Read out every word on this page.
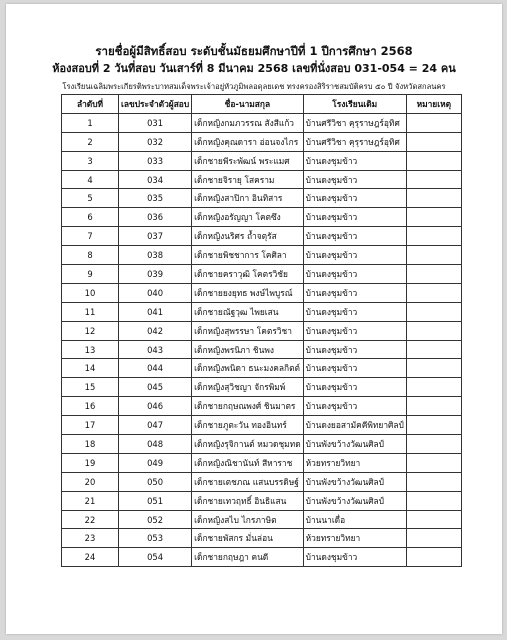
รายชื่อผู้มีสิทธิ์สอบ ระดับชั้นมัธยมศึกษาปีที่ 1 ปีการศึกษา 2568
ห้องสอบที่ 2 วันที่สอบ วันเสาร์ที่ 8 มีนาคม 2568 เลขที่นั่งสอบ 031-054 = 24 คน
โรงเรียนเฉลิมพระเกียรติพระบาทสมเด็จพระเจ้าอยู่หัวภูมิพลอดุลยเดช ทรงครองสิริราชสมบัติครบ ๕๐ ปี จังหวัดสกลนคร
ลำดับที่	เลขประจำตัวผู้สอบ	ชื่อ-นามสกุล	โรงเรียนเดิม	หมายเหตุ
1	031	เด็กหญิงกมภวรรณ สังสีแก้ว	บ้านศรีวิชา คุรุราษฎร์อุทิศ	
2	032	เด็กหญิงคุณดารา อ่อนจงไกร	บ้านศรีวิชา คุรุราษฎร์อุทิศ	
3	033	เด็กชายพีระพัฒน์ พระแมศ	บ้านดงชุมข้าว	
4	034	เด็กชายจิรายุ โสคราม	บ้านดงชุมข้าว	
5	035	เด็กหญิงสาปิกา อินทิสาร	บ้านดงชุมข้าว	
6	036	เด็กหญิงอรัญญา โคตซึง	บ้านดงชุมข้าว	
7	037	เด็กหญิงนริศร ถ้ำจตุรัส	บ้านดงชุมข้าว	
8	038	เด็กชายพิชชาการ โคศิลา	บ้านดงชุมข้าว	
9	039	เด็กชายคราวุฒิ โคตรวิชัย	บ้านดงชุมข้าว	
10	040	เด็กชายยงยุทธ พงษ์ไพบูรณ์	บ้านดงชุมข้าว	
11	041	เด็กชายณัฐวุฒ ไพยเสน	บ้านดงชุมข้าว	
12	042	เด็กหญิงสุพรรษา โคตรวิชา	บ้านดงชุมข้าว	
13	043	เด็กหญิงพรนิภา ชินพง	บ้านดงชุมข้าว	
14	044	เด็กหญิงพนิดา ธนะมงคลกิตต์	บ้านดงชุมข้าว	
15	045	เด็กหญิงสุวิชญา จักรพิมพ์	บ้านดงชุมข้าว	
16	046	เด็กชายกฤษณพงศ์ ชินมาตร	บ้านดงชุมข้าว	
17	047	เด็กชายภูตะวัน ทองอินทร์	บ้านดงยอสามัคคีพิทยาศิลป์	
18	048	เด็กหญิงรุจิกานต์ หมวดชุมทด	บ้านพังขว้างวัฒนศิลป์	
19	049	เด็กหญิงณิชานันท์ สีหาราช	ห้วยทรายวิทยา	
20	050	เด็กชายเตชภณ แสนบรรดิษฐ์	บ้านพังขว้างวัฒนศิลป์	
21	051	เด็กชายเทวฤทธิ์ อินธิแสน	บ้านพังขว้างวัฒนศิลป์	
22	052	เด็กหญิงสไบ ไกรภาษิต	บ้านนาเดื่อ	
23	053	เด็กชายพัสกร มั่นล่อน	ห้วยทรายวิทยา	
24	054	เด็กชายกฤษฎา คนดี	บ้านดงชุมข้าว	
